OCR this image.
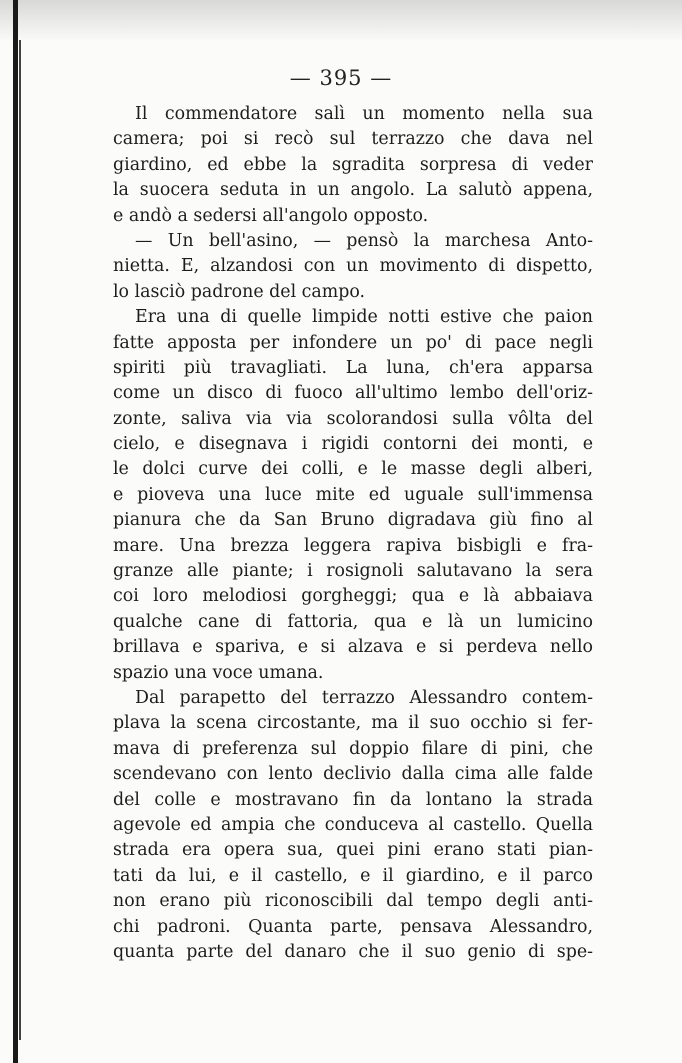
— 395 —
Il commendatore salì un momento nella sua
camera; poi si recò sul terrazzo che dava nel
giardino, ed ebbe la sgradita sorpresa di veder
la suocera seduta in un angolo. La salutò appena,
e andò a sedersi all'angolo opposto.
— Un bell'asino, — pensò la marchesa Anto-
nietta. E, alzandosi con un movimento di dispetto,
lo lasciò padrone del campo.
Era una di quelle limpide notti estive che paion
fatte apposta per infondere un po' di pace negli
spiriti più travagliati. La luna, ch'era apparsa
come un disco di fuoco all'ultimo lembo dell'oriz-
zonte, saliva via via scolorandosi sulla vôlta del
cielo, e disegnava i rigidi contorni dei monti, e
le dolci curve dei colli, e le masse degli alberi,
e pioveva una luce mite ed uguale sull'immensa
pianura che da San Bruno digradava giù fino al
mare. Una brezza leggera rapiva bisbigli e fra-
granze alle piante; i rosignoli salutavano la sera
coi loro melodiosi gorgheggi; qua e là abbaiava
qualche cane di fattoria, qua e là un lumicino
brillava e spariva, e si alzava e si perdeva nello
spazio una voce umana.
Dal parapetto del terrazzo Alessandro contem-
plava la scena circostante, ma il suo occhio si fer-
mava di preferenza sul doppio filare di pini, che
scendevano con lento declivio dalla cima alle falde
del colle e mostravano fin da lontano la strada
agevole ed ampia che conduceva al castello. Quella
strada era opera sua, quei pini erano stati pian-
tati da lui, e il castello, e il giardino, e il parco
non erano più riconoscibili dal tempo degli anti-
chi padroni. Quanta parte, pensava Alessandro,
quanta parte del danaro che il suo genio di spe-
